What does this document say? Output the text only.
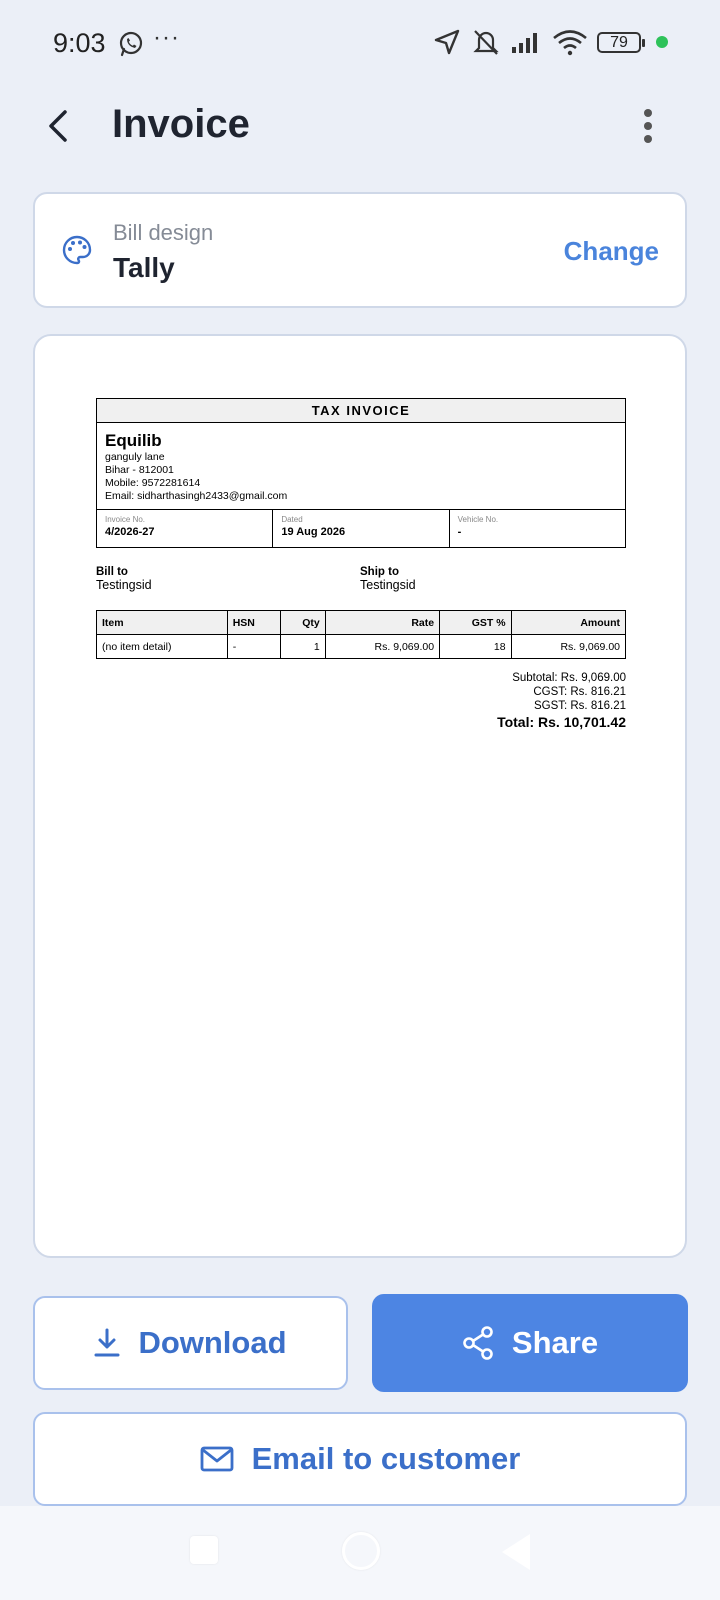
9:03 ···	79
Invoice
Bill design
Tally
Change
TAX INVOICE
Equilib
ganguly lane
Bihar - 812001
Mobile: 9572281614
Email: sidharthasingh2433@gmail.com
Invoice No.
4/2026-27
Dated
19 Aug 2026
Vehicle No.
-
Bill to
Testingsid
Ship to
Testingsid
Item	HSN	Qty	Rate	GST %	Amount
(no item detail)	-	1	Rs. 9,069.00	18	Rs. 9,069.00
Subtotal: Rs. 9,069.00
CGST: Rs. 816.21
SGST: Rs. 816.21
Total: Rs. 10,701.42
Download	Share
Email to customer
